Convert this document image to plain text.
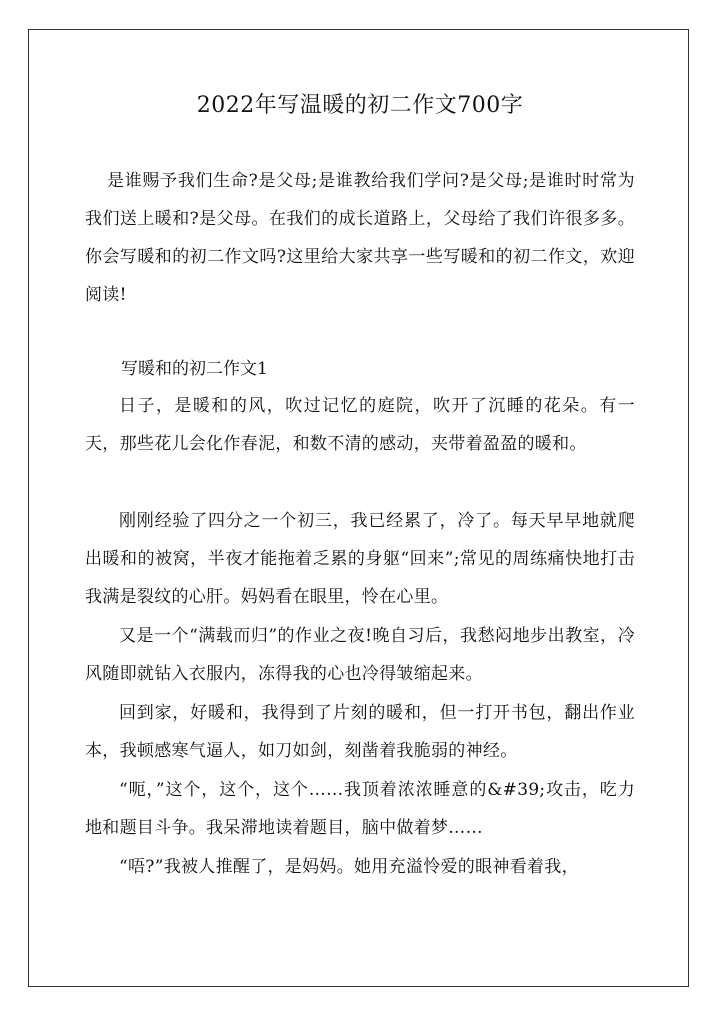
2022年写温暖的初二作文700字

是谁赐予我们生命?是父母;是谁教给我们学问?是父母;是谁时时常为我们送上暖和?是父母。在我们的成长道路上，父母给了我们许很多多。你会写暖和的初二作文吗?这里给大家共享一些写暖和的初二作文，欢迎阅读!

写暖和的初二作文1

日子，是暖和的风，吹过记忆的庭院，吹开了沉睡的花朵。有一天，那些花儿会化作春泥，和数不清的感动，夹带着盈盈的暖和。

刚刚经验了四分之一个初三，我已经累了，冷了。每天早早地就爬出暖和的被窝，半夜才能拖着乏累的身躯“回来”;常见的周练痛快地打击我满是裂纹的心肝。妈妈看在眼里，怜在心里。

又是一个“满载而归”的作业之夜!晚自习后，我愁闷地步出教室，冷风随即就钻入衣服内，冻得我的心也冷得皱缩起来。

回到家，好暖和，我得到了片刻的暖和，但一打开书包，翻出作业本，我顿感寒气逼人，如刀如剑，刻凿着我脆弱的神经。

“呃，”这个，这个，这个……我顶着浓浓睡意的&#39;攻击，吃力地和题目斗争。我呆滞地读着题目，脑中做着梦……

“唔?”我被人推醒了，是妈妈。她用充溢怜爱的眼神看着我，
